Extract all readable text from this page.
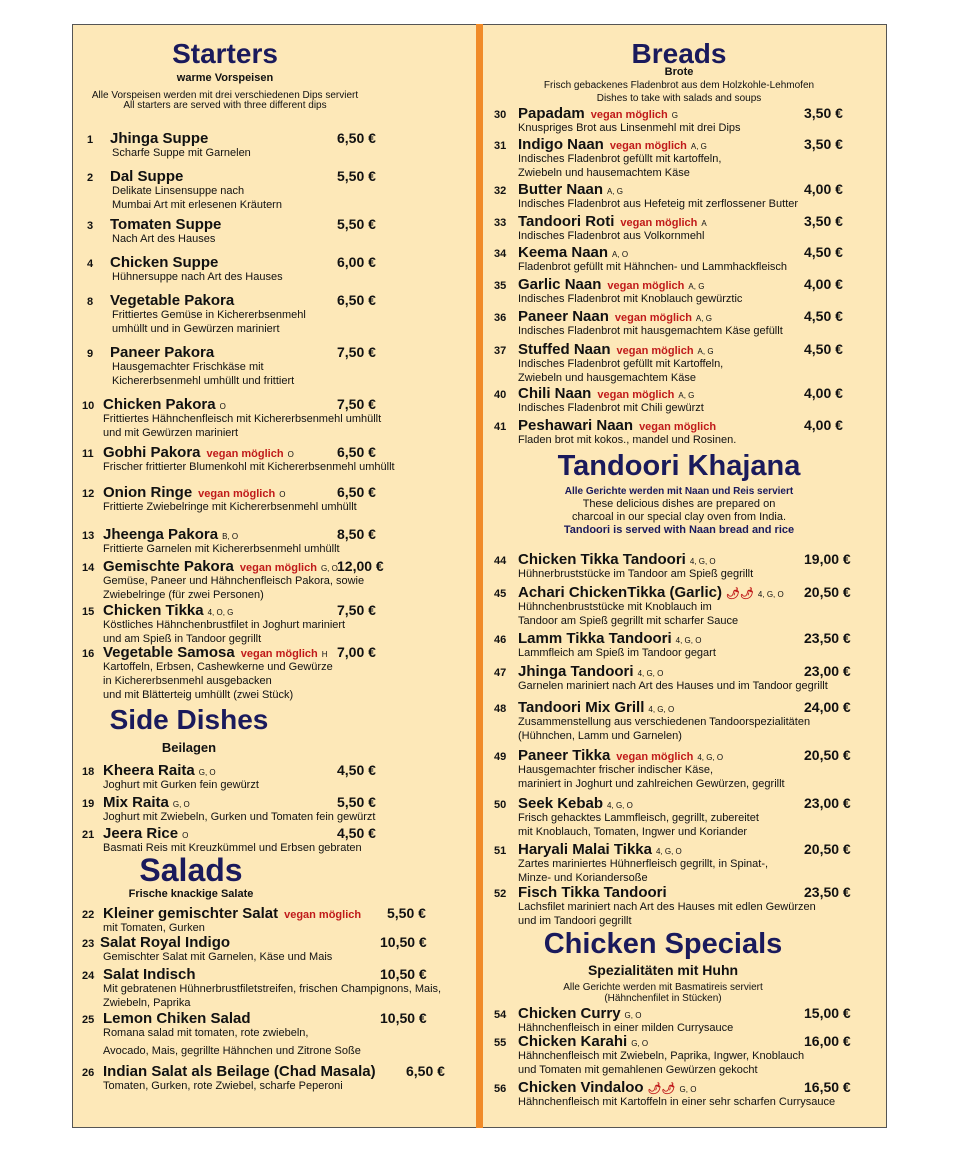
Starters
warme Vorspeisen
Alle Vorspeisen werden mit drei verschiedenen Dips serviert
All starters are served with three different dips
1 Jhinga Suppe	6,50 €
Scharfe Suppe mit Garnelen
2 Dal Suppe	5,50 €
Delikate Linsensuppe nach
Mumbai Art mit erlesenen Kräutern
3 Tomaten Suppe	5,50 €
Nach Art des Hauses
4 Chicken Suppe	6,00 €
Hühnersuppe nach Art des Hauses
8 Vegetable Pakora	6,50 €
Frittiertes Gemüse in Kichererbsenmehl
umhüllt und in Gewürzen mariniert
9 Paneer Pakora	7,50 €
Hausgemachter Frischkäse mit
Kichererbsenmehl umhüllt und frittiert
10 Chicken Pakora O	7,50 €
Frittiertes Hähnchenfleisch mit Kichererbsenmehl umhüllt
und mit Gewürzen mariniert
11 Gobhi Pakora vegan möglich O	6,50 €
Frischer frittierter Blumenkohl mit Kichererbsenmehl umhüllt
12 Onion Ringe vegan möglich O	6,50 €
Frittierte Zwiebelringe mit Kichererbsenmehl umhüllt
13 Jheenga Pakora B, O	8,50 €
Frittierte Garnelen mit Kichererbsenmehl umhüllt
14 Gemischte Pakora vegan möglich G, O 12,00 €
Gemüse, Paneer und Hähnchenfleisch Pakora, sowie
Zwiebelringe (für zwei Personen)
15 Chicken Tikka 4, O, G	7,50 €
Köstliches Hähnchenbrustfilet in Joghurt mariniert
und am Spieß in Tandoor gegrillt
16 Vegetable Samosa vegan möglich H 7,00 €
Kartoffeln, Erbsen, Cashewkerne und Gewürze
in Kichererbsenmehl ausgebacken
und mit Blätterteig umhüllt (zwei Stück)
Side Dishes
Beilagen
18 Kheera Raita G, O	4,50 €
Joghurt mit Gurken fein gewürzt
19 Mix Raita G, O	5,50 €
Joghurt mit Zwiebeln, Gurken und Tomaten fein gewürzt
21 Jeera Rice O	4,50 €
Basmati Reis mit Kreuzkümmel und Erbsen gebraten
Salads
Frische knackige Salate
22 Kleiner gemischter Salat vegan möglich 5,50 €
mit Tomaten, Gurken
23 Salat Royal Indigo	10,50 €
Gemischter Salat mit Garnelen, Käse und Mais
24 Salat Indisch	10,50 €
Mit gebratenen Hühnerbrustfiletstreifen, frischen Champignons, Mais,
Zwiebeln, Paprika
25 Lemon Chiken Salad	10,50 €
Romana salad mit tomaten, rote zwiebeln,
Avocado, Mais, gegrillte Hähnchen und Zitrone Soße
26 Indian Salat als Beilage (Chad Masala) 6,50 €
Tomaten, Gurken, rote Zwiebel, scharfe Peperoni
Breads
Brote
Frisch gebackenes Fladenbrot aus dem Holzkohle-Lehmofen
Dishes to take with salads and soups
30 Papadam vegan möglich G	3,50 €
Knuspriges Brot aus Linsenmehl mit drei Dips
31 Indigo Naan vegan möglich A, G	3,50 €
Indisches Fladenbrot gefüllt mit kartoffeln,
Zwiebeln und hausemachtem Käse
32 Butter Naan A, G	4,00 €
Indisches Fladenbrot aus Hefeteig mit zerflossener Butter
33 Tandoori Roti vegan möglich A	3,50 €
Indisches Fladenbrot aus Volkornmehl
34 Keema Naan A, O	4,50 €
Fladenbrot gefüllt mit Hähnchen- und Lammhackfleisch
35 Garlic Naan vegan möglich A, G	4,00 €
Indisches Fladenbrot mit Knoblauch gewürztic
36 Paneer Naan vegan möglich A, G	4,50 €
Indisches Fladenbrot mit hausgemachtem Käse gefüllt
37 Stuffed Naan vegan möglich A, G	4,50 €
Indisches Fladenbrot gefüllt mit Kartoffeln,
Zwiebeln und hausgemachtem Käse
40 Chili Naan vegan möglich A, G	4,00 €
Indisches Fladenbrot mit Chili gewürzt
41 Peshawari Naan vegan möglich	4,00 €
Fladen brot mit kokos., mandel und Rosinen.
Tandoori Khajana
Alle Gerichte werden mit Naan und Reis serviert
These delicious dishes are prepared on
charcoal in our special clay oven from India.
Tandoori is served with Naan bread and rice
44 Chicken Tikka Tandoori 4, G, O	19,00 €
Hühnerbruststücke im Tandoor am Spieß gegrillt
45 Achari ChickenTikka (Garlic) 🌶🌶 4, G, O 20,50 €
Hühnchenbruststücke mit Knoblauch im
Tandoor am Spieß gegrillt mit scharfer Sauce
46 Lamm Tikka Tandoori 4, G, O	23,50 €
Lammfleich am Spieß im Tandoor gegart
47 Jhinga Tandoori 4, G, O	23,00 €
Garnelen mariniert nach Art des Hauses und im Tandoor gegrillt
48 Tandoori Mix Grill 4, G, O	24,00 €
Zusammenstellung aus verschiedenen Tandoorspezialitäten
(Hühnchen, Lamm und Garnelen)
49 Paneer Tikka vegan möglich 4, G, O	20,50 €
Hausgemachter frischer indischer Käse,
mariniert in Joghurt und zahlreichen Gewürzen, gegrillt
50 Seek Kebab 4, G, O	23,00 €
Frisch gehacktes Lammfleisch, gegrillt, zubereitet
mit Knoblauch, Tomaten, Ingwer und Koriander
51 Haryali Malai Tikka 4, G, O	20,50 €
Zartes mariniertes Hühnerfleisch gegrillt, in Spinat-,
Minze- und Koriandersoße
52 Fisch Tikka Tandoori	23,50 €
Lachsfilet mariniert nach Art des Hauses mit edlen Gewürzen
und im Tandoori gegrillt
Chicken Specials
Spezialitäten mit Huhn
Alle Gerichte werden mit Basmatireis serviert
(Hähnchenfilet in Stücken)
54 Chicken Curry G, O	15,00 €
Hähnchenfleisch in einer milden Currysauce
55 Chicken Karahi G, O	16,00 €
Hähnchenfleisch mit Zwiebeln, Paprika, Ingwer, Knoblauch
und Tomaten mit gemahlenen Gewürzen gekocht
56 Chicken Vindaloo 🌶🌶 G, O	16,50 €
Hähnchenfleisch mit Kartoffeln in einer sehr scharfen Currysauce
